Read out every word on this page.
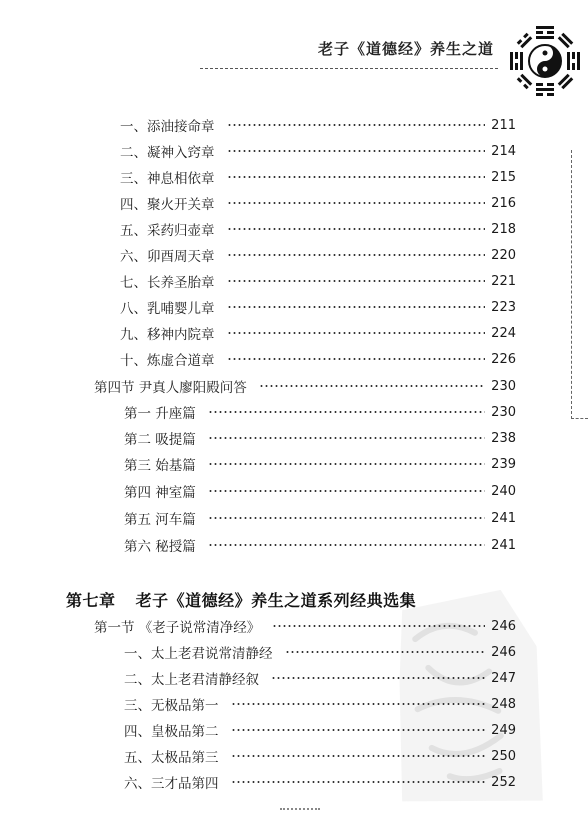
老子《道德经》养生之道
一、添油接命章	211
二、凝神入窍章	214
三、神息相依章	215
四、聚火开关章	216
五、采药归壶章	218
六、卯酉周天章	220
七、长养圣胎章	221
八、乳哺婴儿章	223
九、移神内院章	224
十、炼虚合道章	226
第四节 尹真人廖阳殿问答	230
第一 升座篇	230
第二 吸提篇	238
第三 始基篇	239
第四 神室篇	240
第五 河车篇	241
第六 秘授篇	241
第七章 老子《道德经》养生之道系列经典选集
第一节 《老子说常清净经》	246
一、太上老君说常清静经	246
二、太上老君清静经叙	247
三、无极品第一	248
四、皇极品第二	249
五、太极品第三	250
六、三才品第四	252
